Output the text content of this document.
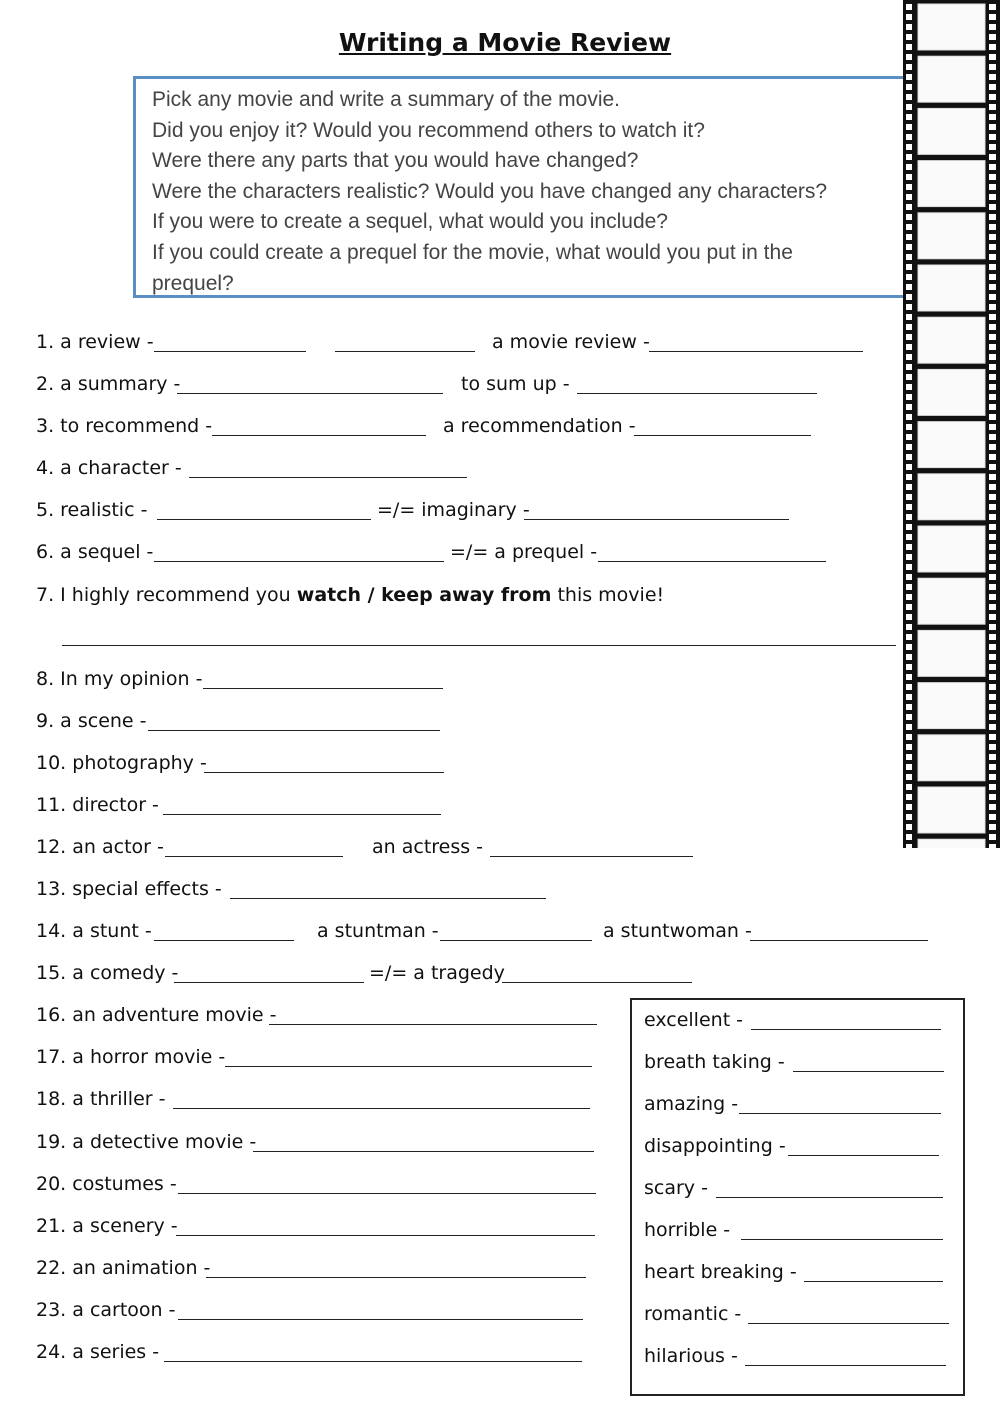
Writing a Movie Review
Pick any movie and write a summary of the movie.
Did you enjoy it? Would you recommend others to watch it?
Were there any parts that you would have changed?
Were the characters realistic? Would you have changed any characters?
If you were to create a sequel, what would you include?
If you could create a prequel for the movie, what would you put in the
prequel?
1. a review -	a movie review -
2. a summary -	to sum up -
3. to recommend -	a recommendation -
4. a character -
5. realistic -	=/= imaginary -
6. a sequel -	=/= a prequel -
7. I highly recommend you watch / keep away from this movie!
8. In my opinion -
9. a scene -
10. photography -
11. director -
12. an actor -	an actress -
13. special effects -
14. a stunt -	a stuntman -	a stuntwoman -
15. a comedy -	=/= a tragedy
16. an adventure movie -
17. a horror movie -
18. a thriller -
19. a detective movie -
20. costumes -
21. a scenery -
22. an animation -
23. a cartoon -
24. a series -
excellent -
breath taking -
amazing -
disappointing -
scary -
horrible -
heart breaking -
romantic -
hilarious -
